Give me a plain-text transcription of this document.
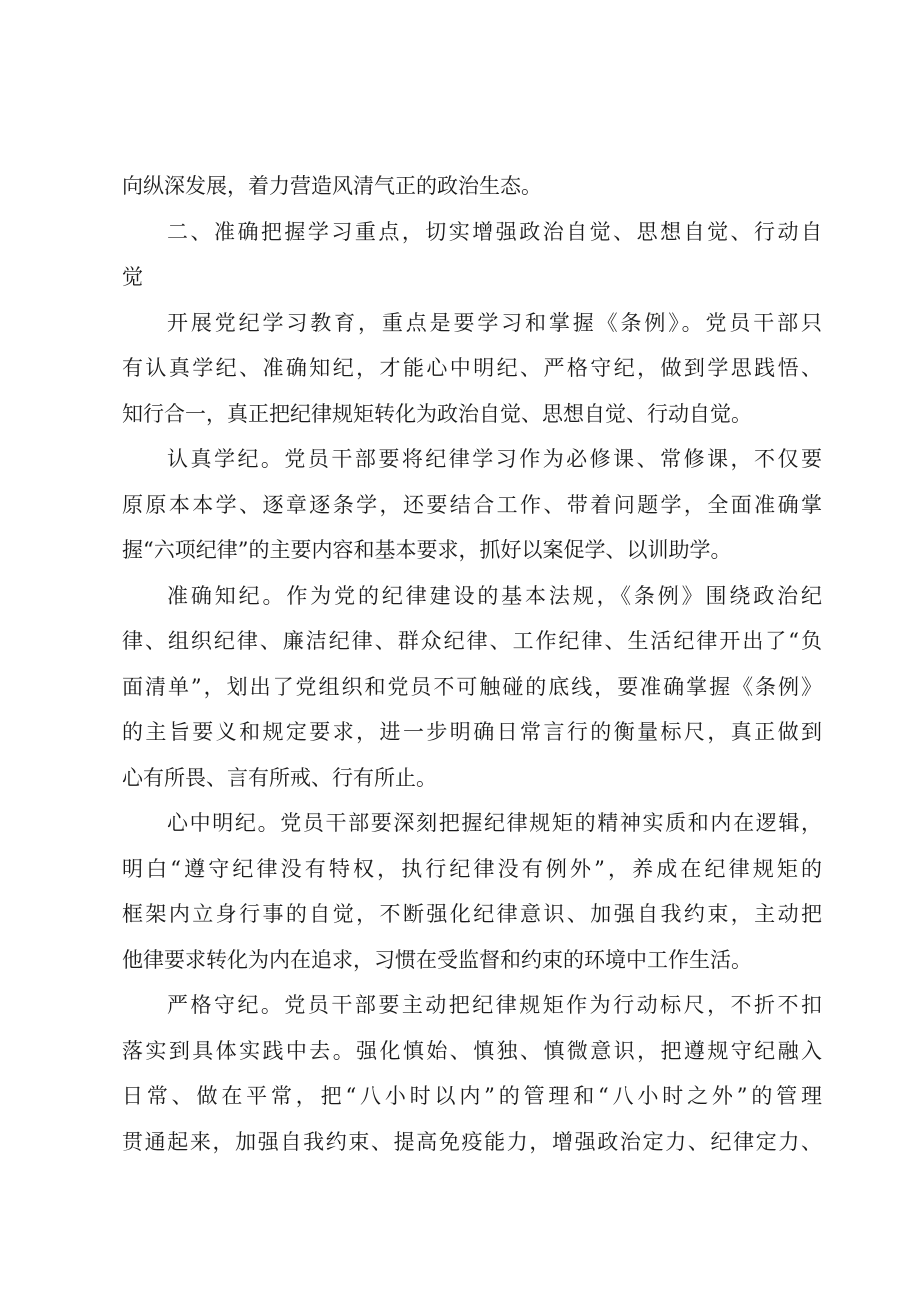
向纵深发展，着力营造风清气正的政治生态。
二、准确把握学习重点，切实增强政治自觉、思想自觉、行动自
觉
开展党纪学习教育，重点是要学习和掌握《条例》。党员干部只
有认真学纪、准确知纪，才能心中明纪、严格守纪，做到学思践悟、
知行合一，真正把纪律规矩转化为政治自觉、思想自觉、行动自觉。
认真学纪。党员干部要将纪律学习作为必修课、常修课，不仅要
原原本本学、逐章逐条学，还要结合工作、带着问题学，全面准确掌
握“六项纪律”的主要内容和基本要求，抓好以案促学、以训助学。
准确知纪。作为党的纪律建设的基本法规，《条例》围绕政治纪
律、组织纪律、廉洁纪律、群众纪律、工作纪律、生活纪律开出了“负
面清单”，划出了党组织和党员不可触碰的底线，要准确掌握《条例》
的主旨要义和规定要求，进一步明确日常言行的衡量标尺，真正做到
心有所畏、言有所戒、行有所止。
心中明纪。党员干部要深刻把握纪律规矩的精神实质和内在逻辑，
明白“遵守纪律没有特权，执行纪律没有例外”，养成在纪律规矩的
框架内立身行事的自觉，不断强化纪律意识、加强自我约束，主动把
他律要求转化为内在追求，习惯在受监督和约束的环境中工作生活。
严格守纪。党员干部要主动把纪律规矩作为行动标尺，不折不扣
落实到具体实践中去。强化慎始、慎独、慎微意识，把遵规守纪融入
日常、做在平常，把“八小时以内”的管理和“八小时之外”的管理
贯通起来，加强自我约束、提高免疫能力，增强政治定力、纪律定力、
